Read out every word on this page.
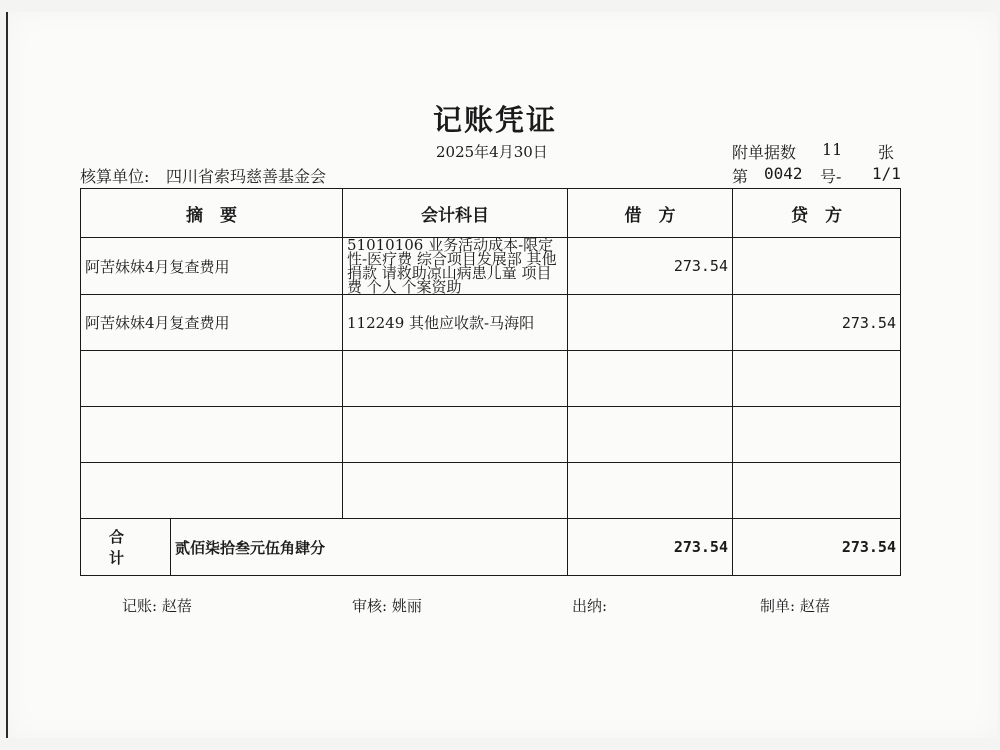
记账凭证
2025年4月30日	附单据数 11 张
核算单位: 四川省索玛慈善基金会	第 0042 号- 1/1
摘　要		会计科目	借　方	贷　方
阿苦妹妹4月复查费用		51010106 业务活动成本-限定性-医疗费 综合项目发展部 其他捐款 请救助凉山病患儿童 项目费 个人 个案资助	273.54	
阿苦妹妹4月复查费用		112249 其他应收款-马海阳		273.54

合 计	贰佰柒拾叁元伍角肆分		273.54	273.54
记账: 赵蓓	审核: 姚丽	出纳:	制单: 赵蓓
